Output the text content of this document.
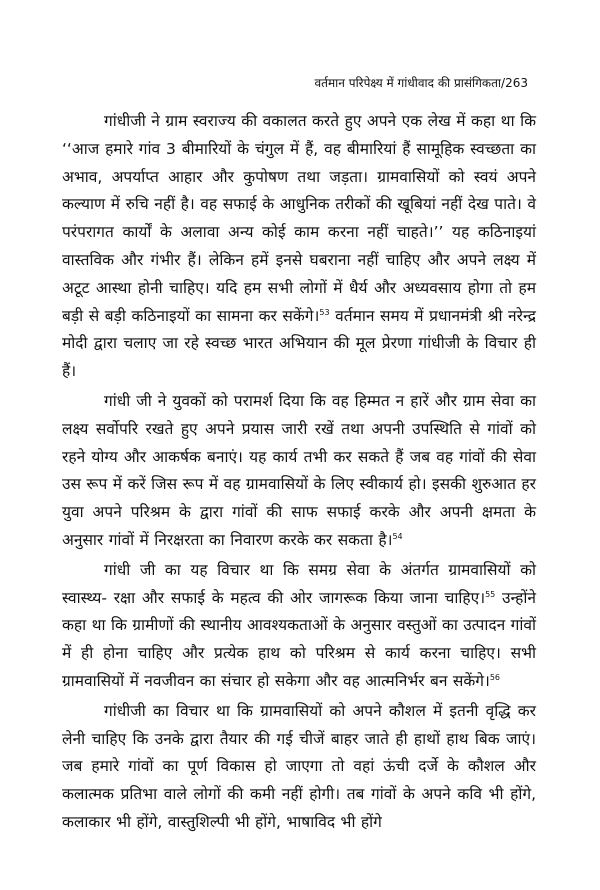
वर्तमान परिपेक्ष्य में गांधीवाद की प्रासंगिकता/263

गांधीजी ने ग्राम स्वराज्य की वकालत करते हुए अपने एक लेख में कहा था कि ‘‘आज हमारे गांव 3 बीमारियों के चंगुल में हैं, वह बीमारियां हैं सामूहिक स्वच्छता का अभाव, अपर्याप्त आहार और कुपोषण तथा जड़ता। ग्रामवासियों को स्वयं अपने कल्याण में रुचि नहीं है। वह सफाई के आधुनिक तरीकों की खूबियां नहीं देख पाते। वे परंपरागत कार्यों के अलावा अन्य कोई काम करना नहीं चाहते।’’ यह कठिनाइयां वास्तविक और गंभीर हैं। लेकिन हमें इनसे घबराना नहीं चाहिए और अपने लक्ष्य में अटूट आस्था होनी चाहिए। यदि हम सभी लोगों में धैर्य और अध्यवसाय होगा तो हम बड़ी से बड़ी कठिनाइयों का सामना कर सकेंगे।$^{53}$ वर्तमान समय में प्रधानमंत्री श्री नरेन्द्र मोदी द्वारा चलाए जा रहे स्वच्छ भारत अभियान की मूल प्रेरणा गांधीजी के विचार ही हैं।

गांधी जी ने युवकों को परामर्श दिया कि वह हिम्मत न हारें और ग्राम सेवा का लक्ष्य सर्वोपरि रखते हुए अपने प्रयास जारी रखें तथा अपनी उपस्थिति से गांवों को रहने योग्य और आकर्षक बनाएं। यह कार्य तभी कर सकते हैं जब वह गांवों की सेवा उस रूप में करें जिस रूप में वह ग्रामवासियों के लिए स्वीकार्य हो। इसकी शुरुआत हर युवा अपने परिश्रम के द्वारा गांवों की साफ सफाई करके और अपनी क्षमता के अनुसार गांवों में निरक्षरता का निवारण करके कर सकता है।$^{54}$

गांधी जी का यह विचार था कि समग्र सेवा के अंतर्गत ग्रामवासियों को स्वास्थ्य- रक्षा और सफाई के महत्व की ओर जागरूक किया जाना चाहिए।$^{55}$ उन्होंने कहा था कि ग्रामीणों की स्थानीय आवश्यकताओं के अनुसार वस्तुओं का उत्पादन गांवों में ही होना चाहिए और प्रत्येक हाथ को परिश्रम से कार्य करना चाहिए। सभी ग्रामवासियों में नवजीवन का संचार हो सकेगा और वह आत्मनिर्भर बन सकेंगे।$^{56}$

गांधीजी का विचार था कि ग्रामवासियों को अपने कौशल में इतनी वृद्धि कर लेनी चाहिए कि उनके द्वारा तैयार की गई चीजें बाहर जाते ही हाथों हाथ बिक जाएं। जब हमारे गांवों का पूर्ण विकास हो जाएगा तो वहां ऊंची दर्जे के कौशल और कलात्मक प्रतिभा वाले लोगों की कमी नहीं होगी। तब गांवों के अपने कवि भी होंगे, कलाकार भी होंगे, वास्तुशिल्पी भी होंगे, भाषाविद भी होंगे
